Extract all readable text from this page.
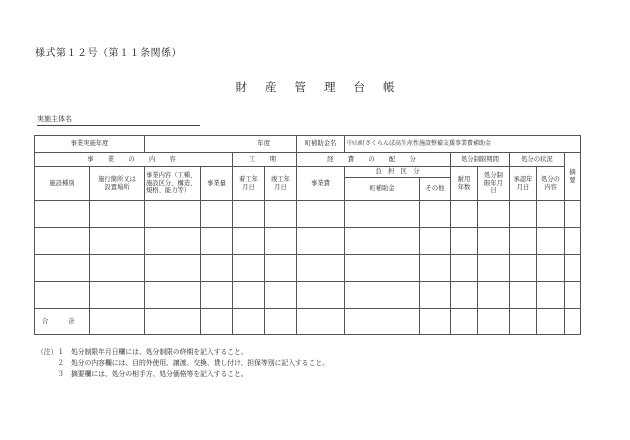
様式第１２号（第１１条関係）
財 産 管 理 台 帳
実施主体名
事業実施年度		年度				町補助金名	中山町さくらんぼ高生産性施設整備支援事業費補助金						
事　業　の　内　容				工　期		経　費　の　配　分			処分制限期間		処分の状況		摘要

施設種別	施行箇所又は設置場所	事業内容（工種、施設区分、構造、規格、能力等）	事業量	着工年月日	竣工年月日	事業費	負　担　区　分		耐用年数	処分制限年月日	承認年月日	処分の内容	

							町補助金	その他					

合　計													
（注）１　処分制限年月日欄には、処分制限の終期を記入すること。
　　　２　処分の内容欄には、目的外使用、譲渡、交換、貸し付け、担保等別に記入すること。
　　　３　摘要欄には、処分の相手方、処分価格等を記入すること。
